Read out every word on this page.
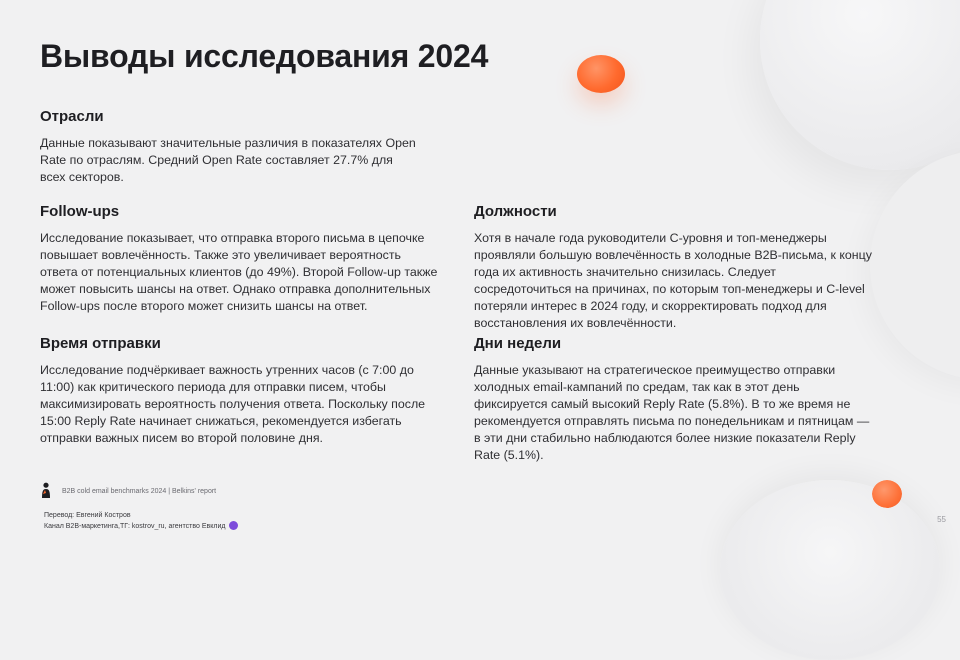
Выводы исследования 2024
Отрасли

Данные показывают значительные различия в показателях Open Rate по отраслям. Средний Open Rate составляет 27.7% для всех секторов.

Follow-ups

Исследование показывает, что отправка второго письма в цепочке повышает вовлечённость. Также это увеличивает вероятность ответа от потенциальных клиентов (до 49%). Второй Follow-up также может повысить шансы на ответ. Однако отправка дополнительных Follow-ups после второго может снизить шансы на ответ.

Время отправки

Исследование подчёркивает важность утренних часов (с 7:00 до 11:00) как критического периода для отправки писем, чтобы максимизировать вероятность получения ответа. Поскольку после 15:00 Reply Rate начинает снижаться, рекомендуется избегать отправки важных писем во второй половине дня.

Должности

Хотя в начале года руководители C-уровня и топ-менеджеры проявляли большую вовлечённость в холодные B2B-письма, к концу года их активность значительно снизилась. Следует сосредоточиться на причинах, по которым топ-менеджеры и C-level потеряли интерес в 2024 году, и скорректировать подход для восстановления их вовлечённости.

Дни недели

Данные указывают на стратегическое преимущество отправки холодных email-кампаний по средам, так как в этот день фиксируется самый высокий Reply Rate (5.8%). В то же время не рекомендуется отправлять письма по понедельникам и пятницам — в эти дни стабильно наблюдаются более низкие показатели Reply Rate (5.1%).

B2B cold email benchmarks 2024 | Belkins' report
Перевод: Евгений Костров
Канал B2B-маркетинга,ТГ: kostrov_ru, агентство Евклид
55
